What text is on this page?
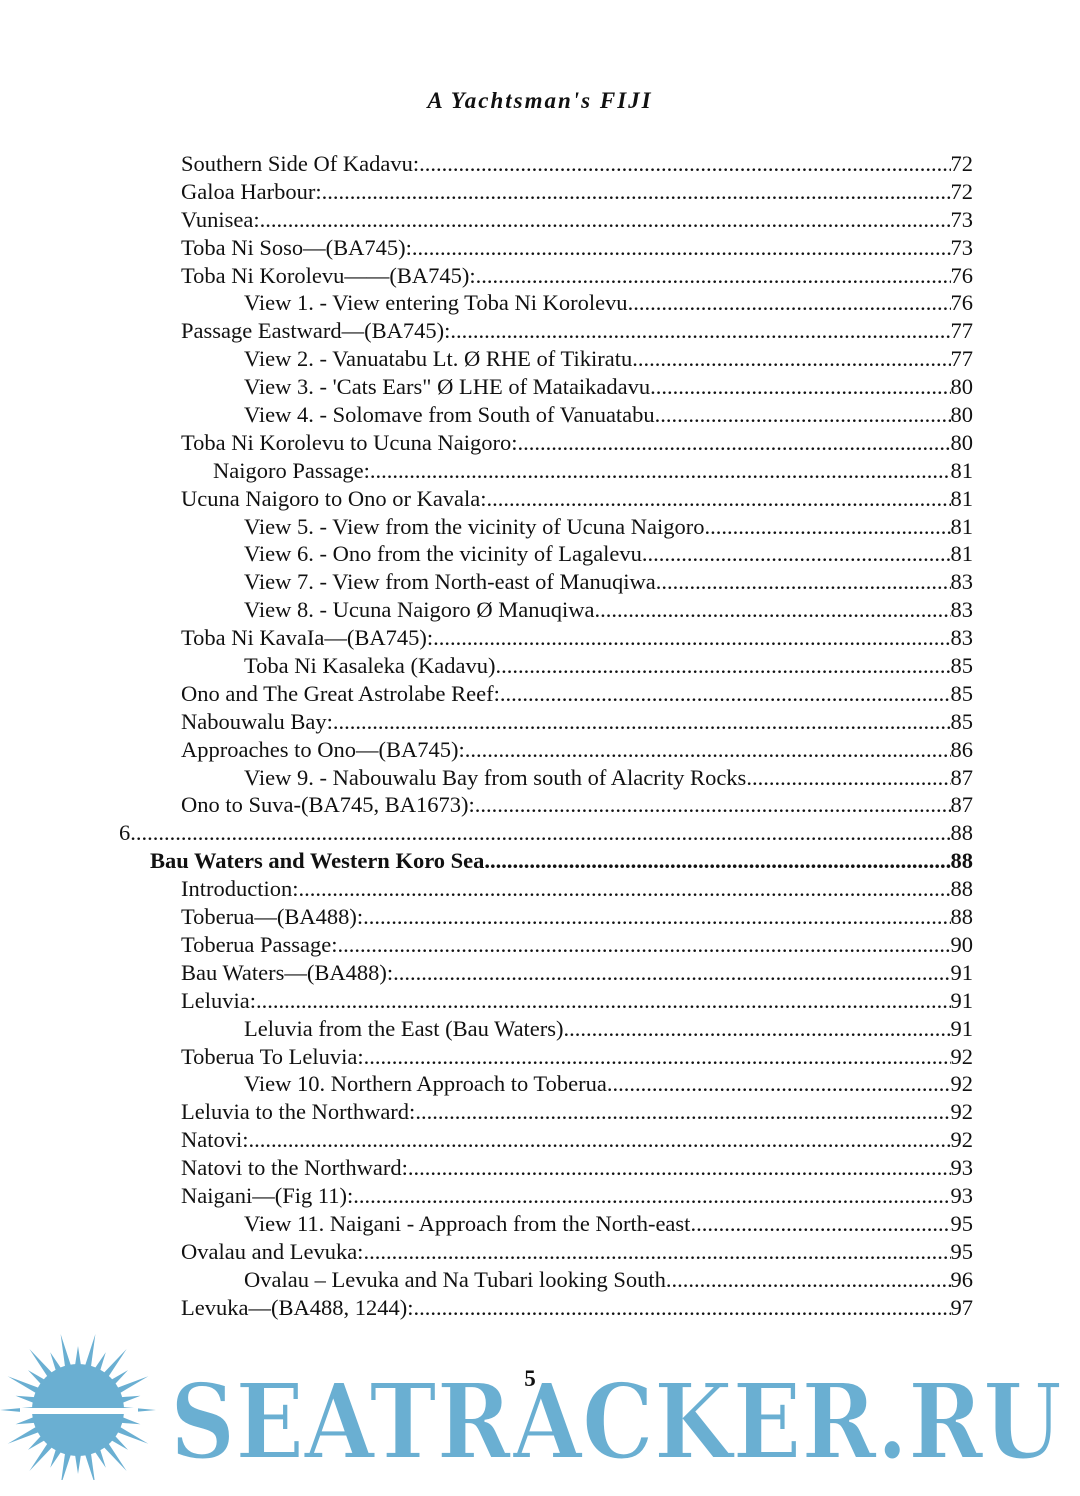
A Yachtsman's FIJI
Southern Side Of Kadavu: .....	72
Galoa Harbour: .....	72
Vunisea: .....	73
Toba Ni Soso—(BA745): .....	73
Toba Ni Korolevu——(BA745): .....	76
View 1. - View entering Toba Ni Korolevu .....	76
Passage Eastward—(BA745): .....	77
View 2. - Vanuatabu Lt. Ø RHE of Tikiratu .....	77
View 3. - 'Cats Ears" Ø LHE of Mataikadavu .....	80
View 4. - Solomave from South of Vanuatabu .....	80
Toba Ni Korolevu to Ucuna Naigoro: .....	80
Naigoro Passage: .....	81
Ucuna Naigoro to Ono or Kavala: .....	81
View 5. - View from the vicinity of Ucuna Naigoro .....	81
View 6. - Ono from the vicinity of Lagalevu .....	81
View 7. - View from North-east of Manuqiwa .....	83
View 8. - Ucuna Naigoro Ø Manuqiwa .....	83
Toba Ni KavaIa—(BA745): .....	83
Toba Ni Kasaleka (Kadavu) .....	85
Ono and The Great Astrolabe Reef: .....	85
Nabouwalu Bay: .....	85
Approaches to Ono—(BA745): .....	86
View 9. - Nabouwalu Bay from south of Alacrity Rocks .....	87
Ono to Suva-(BA745, BA1673): .....	87
6. .....	88
Bau Waters and Western Koro Sea .....	88
Introduction: .....	88
Toberua—(BA488): .....	88
Toberua Passage: .....	90
Bau Waters—(BA488): .....	91
Leluvia: .....	91
Leluvia from the East (Bau Waters) .....	91
Toberua To Leluvia: .....	92
View 10. Northern Approach to Toberua .....	92
Leluvia to the Northward: .....	92
Natovi: .....	92
Natovi to the Northward: .....	93
Naigani—(Fig 11): .....	93
View 11. Naigani - Approach from the North-east .....	95
Ovalau and Levuka: .....	95
Ovalau – Levuka and Na Tubari looking South .....	96
Levuka—(BA488, 1244): .....	97
5
SEATRACKER.RU
